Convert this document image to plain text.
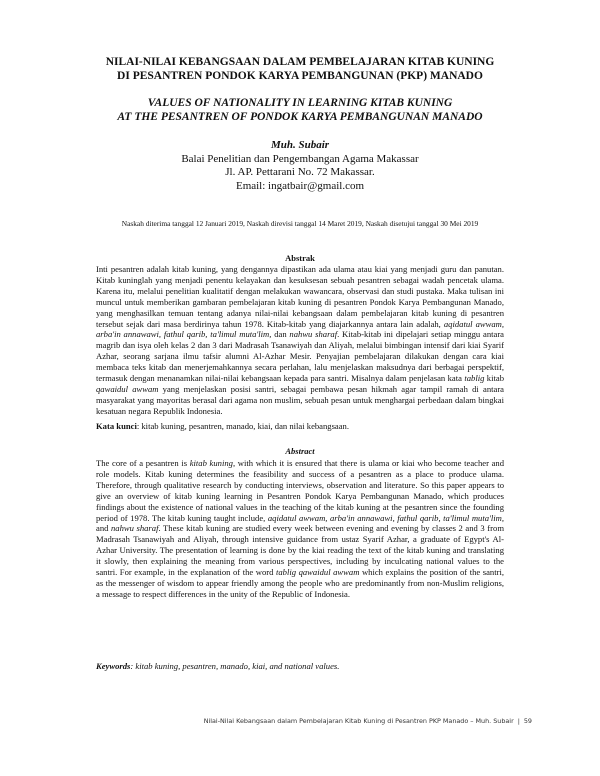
NILAI-NILAI KEBANGSAAN DALAM PEMBELAJARAN KITAB KUNING
DI PESANTREN PONDOK KARYA PEMBANGUNAN (PKP) MANADO
VALUES OF NATIONALITY IN LEARNING KITAB KUNING
AT THE PESANTREN OF PONDOK KARYA PEMBANGUNAN MANADO
Muh. Subair
Balai Penelitian dan Pengembangan Agama Makassar
Jl. AP. Pettarani No. 72 Makassar.
Email: ingatbair@gmail.com
Naskah diterima tanggal 12 Januari 2019, Naskah direvisi tanggal 14 Maret 2019, Naskah disetujui tanggal 30 Mei 2019
Abstrak

Inti pesantren adalah kitab kuning, yang dengannya dipastikan ada ulama atau kiai yang menjadi guru dan panutan. Kitab kuninglah yang menjadi penentu kelayakan dan kesuksesan sebuah pesantren sebagai wadah pencetak ulama. Karena itu, melalui penelitian kualitatif dengan melakukan wawancara, observasi dan studi pustaka. Maka tulisan ini muncul untuk memberikan gambaran pembelajaran kitab kuning di pesantren Pondok Karya Pembangunan Manado, yang menghasilkan temuan tentang adanya nilai-nilai kebangsaan dalam pembelajaran kitab kuning di pesantren tersebut sejak dari masa berdirinya tahun 1978. Kitab-kitab yang diajarkannya antara lain adalah, aqidatul awwam, arba'in annawawi, fathul qarib, ta'limul muta'lim, dan nahwu sharaf. Kitab-kitab ini dipelajari setiap minggu antara magrib dan isya oleh kelas 2 dan 3 dari Madrasah Tsanawiyah dan Aliyah, melalui bimbingan intensif dari kiai Syarif Azhar, seorang sarjana ilmu tafsir alumni Al-Azhar Mesir. Penyajian pembelajaran dilakukan dengan cara kiai membaca teks kitab dan menerjemahkannya secara perlahan, lalu menjelaskan maksudnya dari berbagai perspektif, termasuk dengan menanamkan nilai-nilai kebangsaan kepada para santri. Misalnya dalam penjelasan kata tablig kitab qawaidul awwam yang menjelaskan posisi santri, sebagai pembawa pesan hikmah agar tampil ramah di antara masyarakat yang mayoritas berasal dari agama non muslim, sebuah pesan untuk menghargai perbedaan dalam bingkai kesatuan negara Republik Indonesia.

Kata kunci: kitab kuning, pesantren, manado, kiai, dan nilai kebangsaan.
Abstract
The core of a pesantren is kitab kuning, with which it is ensured that there is ulama or kiai who become teacher and role models. Kitab kuning determines the feasibility and success of a pesantren as a place to produce ulama. Therefore, through qualitative research by conducting interviews, observation and literature. So this paper appears to give an overview of kitab kuning learning in Pesantren Pondok Karya Pembangunan Manado, which produces findings about the existence of national values in the teaching of the kitab kuning at the pesantren since the founding period of 1978. The kitab kuning taught include, aqidatul awwam, arba'in annawawi, fathul qarib, ta'limul muta'lim, and nahwu sharaf. These kitab kuning are studied every week between evening and evening by classes 2 and 3 from Madrasah Tsanawiyah and Aliyah, through intensive guidance from ustaz Syarif Azhar, a graduate of Egypt's Al-Azhar University. The presentation of learning is done by the kiai reading the text of the kitab kuning and translating it slowly, then explaining the meaning from various perspectives, including by inculcating national values to the santri. For example, in the explanation of the word tablig qawaidul awwam which explains the position of the santri, as the messenger of wisdom to appear friendly among the people who are predominantly from non-Muslim religions, a message to respect differences in the unity of the Republic of Indonesia.
Keywords: kitab kuning, pesantren, manado, kiai, and national values.
Nilai-Nilai Kebangsaan dalam Pembelajaran Kitab Kuning di Pesantren PKP Manado – Muh. Subair | 59
